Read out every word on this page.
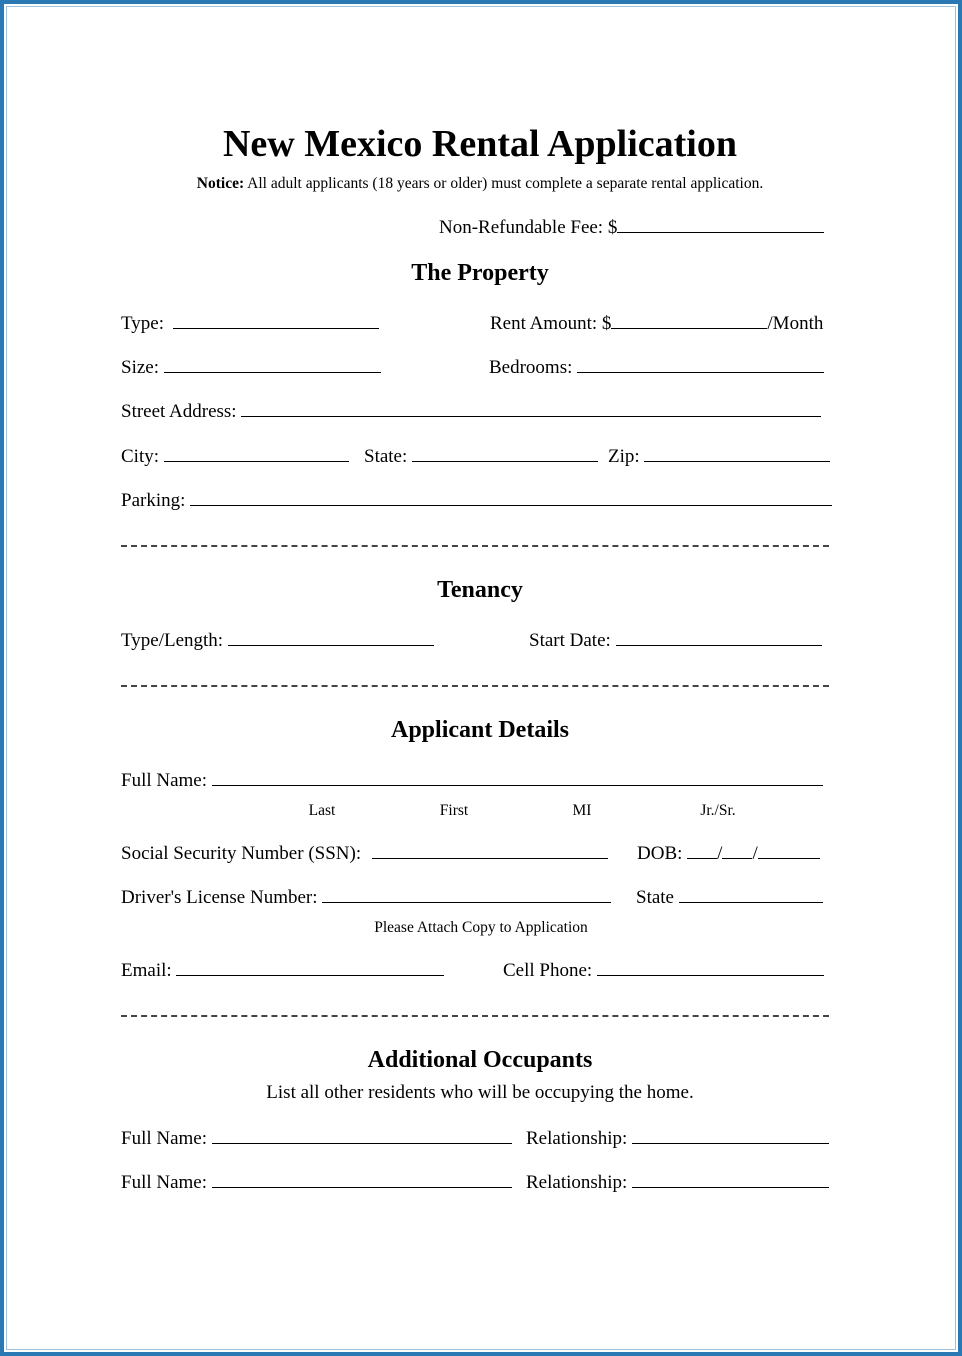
New Mexico Rental Application
Notice: All adult applicants (18 years or older) must complete a separate rental application.
Non-Refundable Fee: $
The Property
Type:	Rent Amount: $	/Month
Size:	Bedrooms:
Street Address:
City:	State:	Zip:
Parking:
Tenancy
Type/Length:	Start Date:
Applicant Details
Full Name:
Last	First	MI	Jr./Sr.
Social Security Number (SSN):	DOB: / /
Driver's License Number:	State
Please Attach Copy to Application
Email:	Cell Phone:
Additional Occupants
List all other residents who will be occupying the home.
Full Name:	Relationship:
Full Name:	Relationship:
